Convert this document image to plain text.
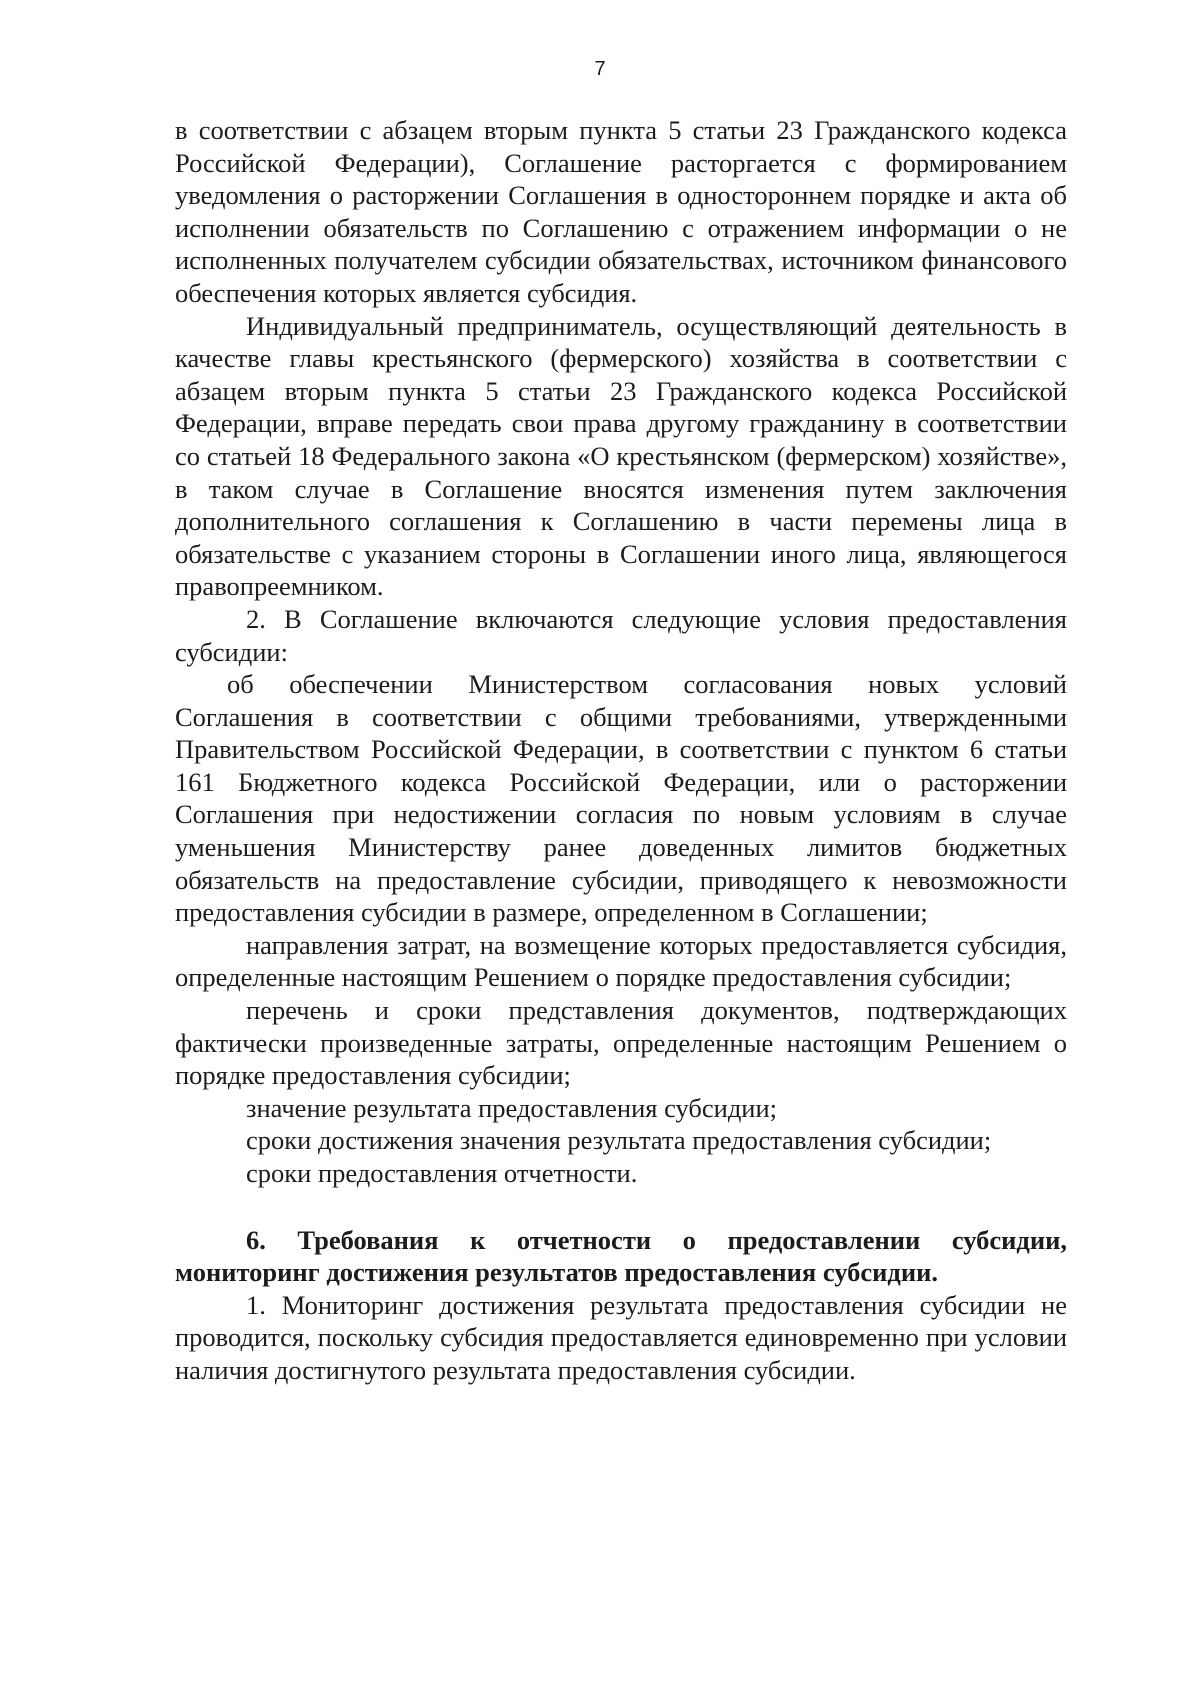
7

в соответствии с абзацем вторым пункта 5 статьи 23 Гражданского кодекса Российской Федерации), Соглашение расторгается с формированием уведомления о расторжении Соглашения в одностороннем порядке и акта об исполнении обязательств по Соглашению с отражением информации о не исполненных получателем субсидии обязательствах, источником финансового обеспечения которых является субсидия.

Индивидуальный предприниматель, осуществляющий деятельность в качестве главы крестьянского (фермерского) хозяйства в соответствии с абзацем вторым пункта 5 статьи 23 Гражданского кодекса Российской Федерации, вправе передать свои права другому гражданину в соответствии со статьей 18 Федерального закона «О крестьянском (фермерском) хозяйстве», в таком случае в Соглашение вносятся изменения путем заключения дополнительного соглашения к Соглашению в части перемены лица в обязательстве с указанием стороны в Соглашении иного лица, являющегося правопреемником.

2. В Соглашение включаются следующие условия предоставления субсидии:

об обеспечении Министерством согласования новых условий Соглашения в соответствии с общими требованиями, утвержденными Правительством Российской Федерации, в соответствии с пунктом 6 статьи 161 Бюджетного кодекса Российской Федерации, или о расторжении Соглашения при недостижении согласия по новым условиям в случае уменьшения Министерству ранее доведенных лимитов бюджетных обязательств на предоставление субсидии, приводящего к невозможности предоставления субсидии в размере, определенном в Соглашении;

направления затрат, на возмещение которых предоставляется субсидия, определенные настоящим Решением о порядке предоставления субсидии;

перечень и сроки представления документов, подтверждающих фактически произведенные затраты, определенные настоящим Решением о порядке предоставления субсидии;

значение результата предоставления субсидии;

сроки достижения значения результата предоставления субсидии;

сроки предоставления отчетности.

6. Требования к отчетности о предоставлении субсидии, мониторинг достижения результатов предоставления субсидии.

1. Мониторинг достижения результата предоставления субсидии не проводится, поскольку субсидия предоставляется единовременно при условии наличия достигнутого результата предоставления субсидии.
